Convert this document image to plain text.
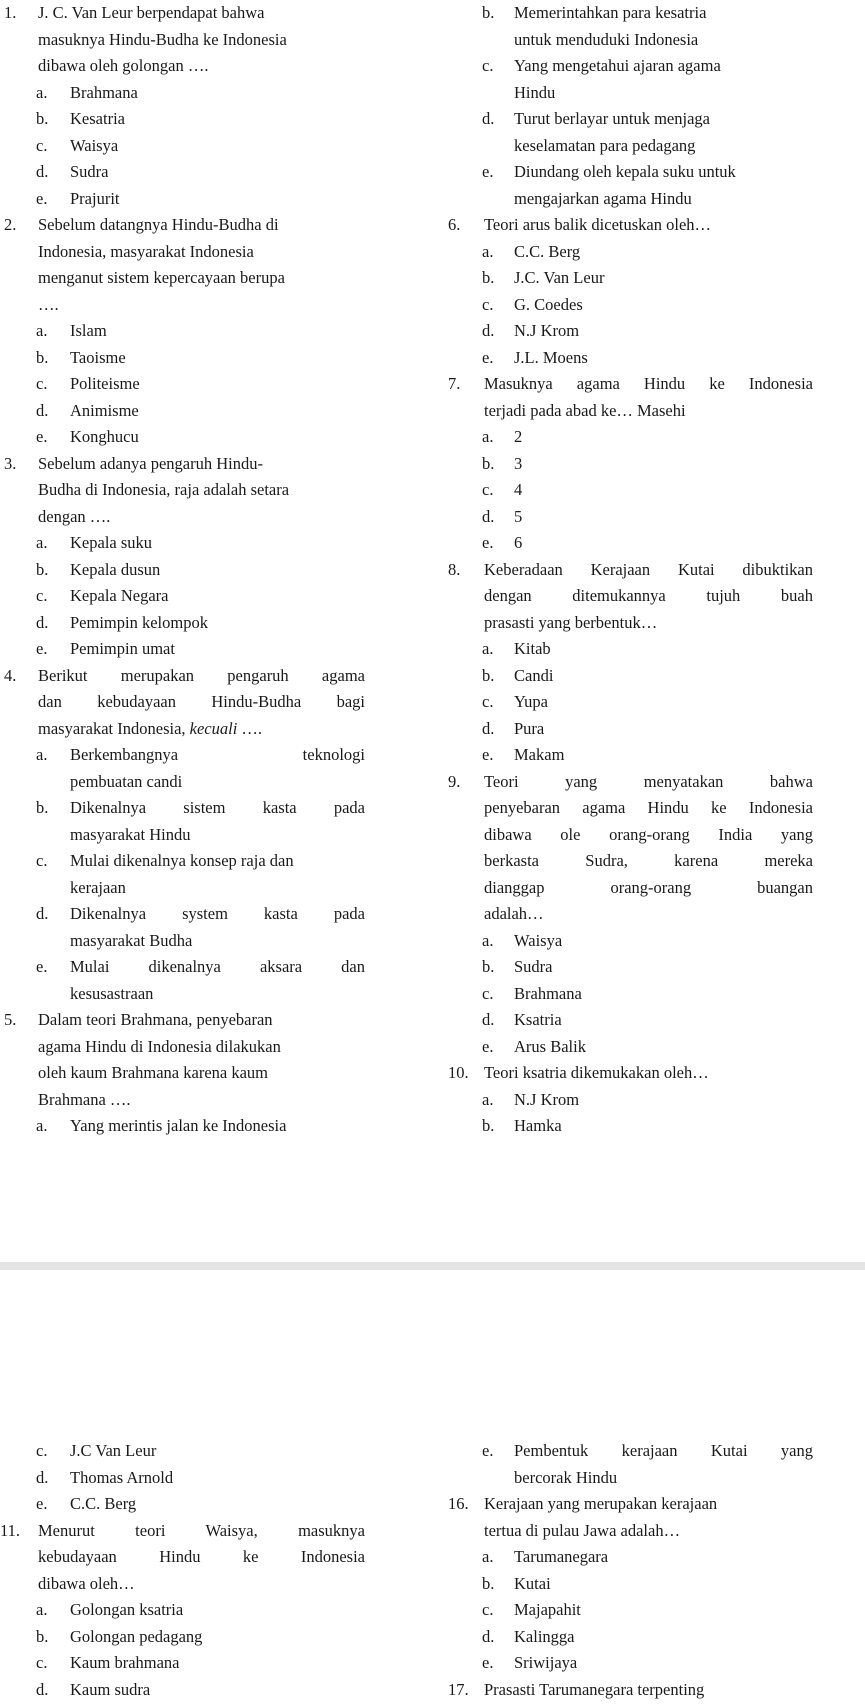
1. J. C. Van Leur berpendapat bahwa
masuknya Hindu-Budha ke Indonesia
dibawa oleh golongan ….
a. Brahmana
b. Kesatria
c. Waisya
d. Sudra
e. Prajurit
2. Sebelum datangnya Hindu-Budha di
Indonesia, masyarakat Indonesia
menganut sistem kepercayaan berupa
….
a. Islam
b. Taoisme
c. Politeisme
d. Animisme
e. Konghucu
3. Sebelum adanya pengaruh Hindu-
Budha di Indonesia, raja adalah setara
dengan ….
a. Kepala suku
b. Kepala dusun
c. Kepala Negara
d. Pemimpin kelompok
e. Pemimpin umat
4. Berikut merupakan pengaruh agama
dan kebudayaan Hindu-Budha bagi
masyarakat Indonesia, kecuali ….
a. Berkembangnya teknologi
pembuatan candi
b. Dikenalnya sistem kasta pada
masyarakat Hindu
c. Mulai dikenalnya konsep raja dan
kerajaan
d. Dikenalnya system kasta pada
masyarakat Budha
e. Mulai dikenalnya aksara dan
kesusastraan
5. Dalam teori Brahmana, penyebaran
agama Hindu di Indonesia dilakukan
oleh kaum Brahmana karena kaum
Brahmana ….
a. Yang merintis jalan ke Indonesia
b. Memerintahkan para kesatria
untuk menduduki Indonesia
c. Yang mengetahui ajaran agama
Hindu
d. Turut berlayar untuk menjaga
keselamatan para pedagang
e. Diundang oleh kepala suku untuk
mengajarkan agama Hindu
6. Teori arus balik dicetuskan oleh…
a. C.C. Berg
b. J.C. Van Leur
c. G. Coedes
d. N.J Krom
e. J.L. Moens
7. Masuknya agama Hindu ke Indonesia
terjadi pada abad ke… Masehi
a. 2
b. 3
c. 4
d. 5
e. 6
8. Keberadaan Kerajaan Kutai dibuktikan
dengan ditemukannya tujuh buah
prasasti yang berbentuk…
a. Kitab
b. Candi
c. Yupa
d. Pura
e. Makam
9. Teori yang menyatakan bahwa
penyebaran agama Hindu ke Indonesia
dibawa ole orang-orang India yang
berkasta Sudra, karena mereka
dianggap orang-orang buangan
adalah…
a. Waisya
b. Sudra
c. Brahmana
d. Ksatria
e. Arus Balik
10. Teori ksatria dikemukakan oleh…
a. N.J Krom
b. Hamka
c. J.C Van Leur
d. Thomas Arnold
e. C.C. Berg
11. Menurut teori Waisya, masuknya
kebudayaan Hindu ke Indonesia
dibawa oleh…
a. Golongan ksatria
b. Golongan pedagang
c. Kaum brahmana
d. Kaum sudra
e. Pembentuk kerajaan Kutai yang
bercorak Hindu
16. Kerajaan yang merupakan kerajaan
tertua di pulau Jawa adalah…
a. Tarumanegara
b. Kutai
c. Majapahit
d. Kalingga
e. Sriwijaya
17. Prasasti Tarumanegara terpenting
